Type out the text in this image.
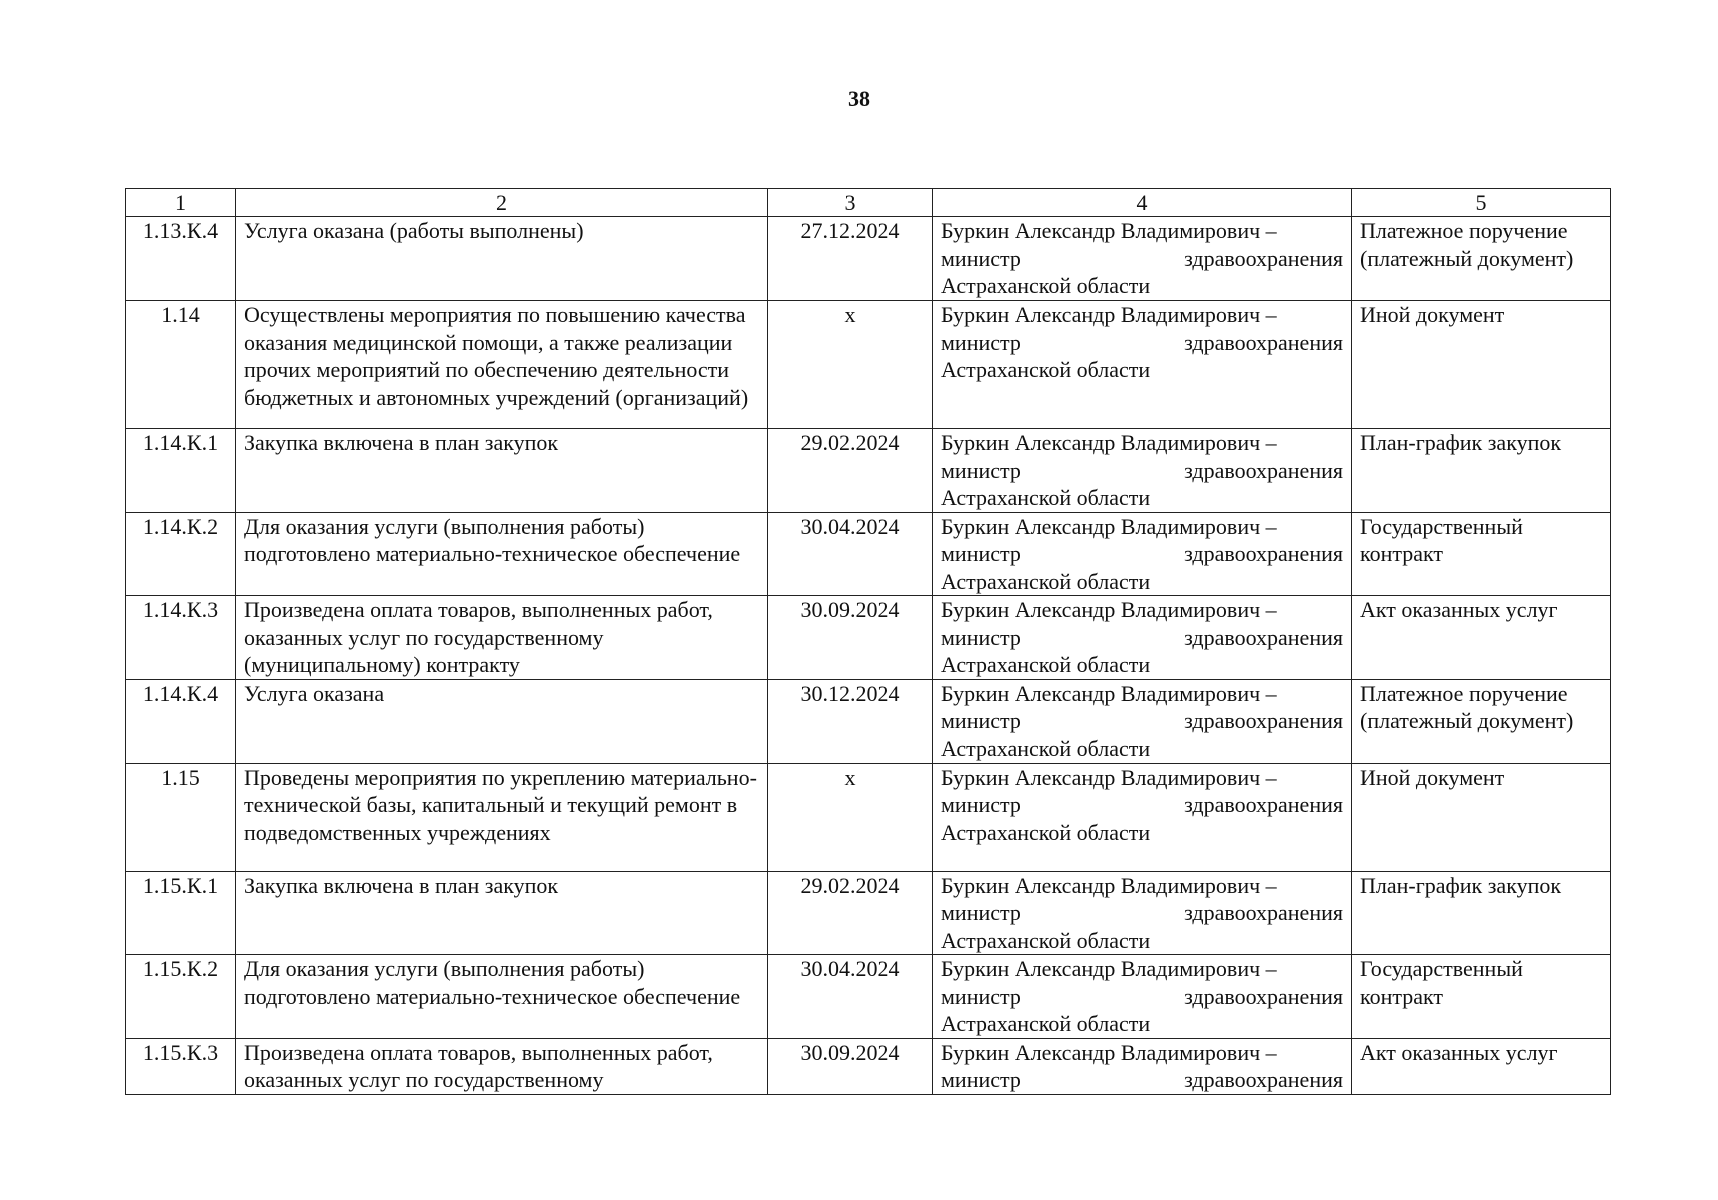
38
1	2	3	4	5
1.13.К.4	Услуга оказана (работы выполнены)	27.12.2024	Буркин Александр Владимирович –
министр здравоохранения
Астраханской области	Платежное поручение (платежный документ)
1.14	Осуществлены мероприятия по повышению качества оказания медицинской помощи, а также реализации прочих мероприятий по обеспечению деятельности бюджетных и автономных учреждений (организаций)	x	Буркин Александр Владимирович –
министр здравоохранения
Астраханской области	Иной документ
1.14.К.1	Закупка включена в план закупок	29.02.2024	Буркин Александр Владимирович –
министр здравоохранения
Астраханской области	План-график закупок
1.14.К.2	Для оказания услуги (выполнения работы) подготовлено материально-техническое обеспечение	30.04.2024	Буркин Александр Владимирович –
министр здравоохранения
Астраханской области	Государственный контракт
1.14.К.3	Произведена оплата товаров, выполненных работ, оказанных услуг по государственному (муниципальному) контракту	30.09.2024	Буркин Александр Владимирович –
министр здравоохранения
Астраханской области	Акт оказанных услуг
1.14.К.4	Услуга оказана	30.12.2024	Буркин Александр Владимирович –
министр здравоохранения
Астраханской области	Платежное поручение (платежный документ)
1.15	Проведены мероприятия по укреплению материально-технической базы, капитальный и текущий ремонт в подведомственных учреждениях	x	Буркин Александр Владимирович –
министр здравоохранения
Астраханской области	Иной документ
1.15.К.1	Закупка включена в план закупок	29.02.2024	Буркин Александр Владимирович –
министр здравоохранения
Астраханской области	План-график закупок
1.15.К.2	Для оказания услуги (выполнения работы) подготовлено материально-техническое обеспечение	30.04.2024	Буркин Александр Владимирович –
министр здравоохранения
Астраханской области	Государственный контракт
1.15.К.3	Произведена оплата товаров, выполненных работ, оказанных услуг по государственному	30.09.2024	Буркин Александр Владимирович –
министр здравоохранения	Акт оказанных услуг
